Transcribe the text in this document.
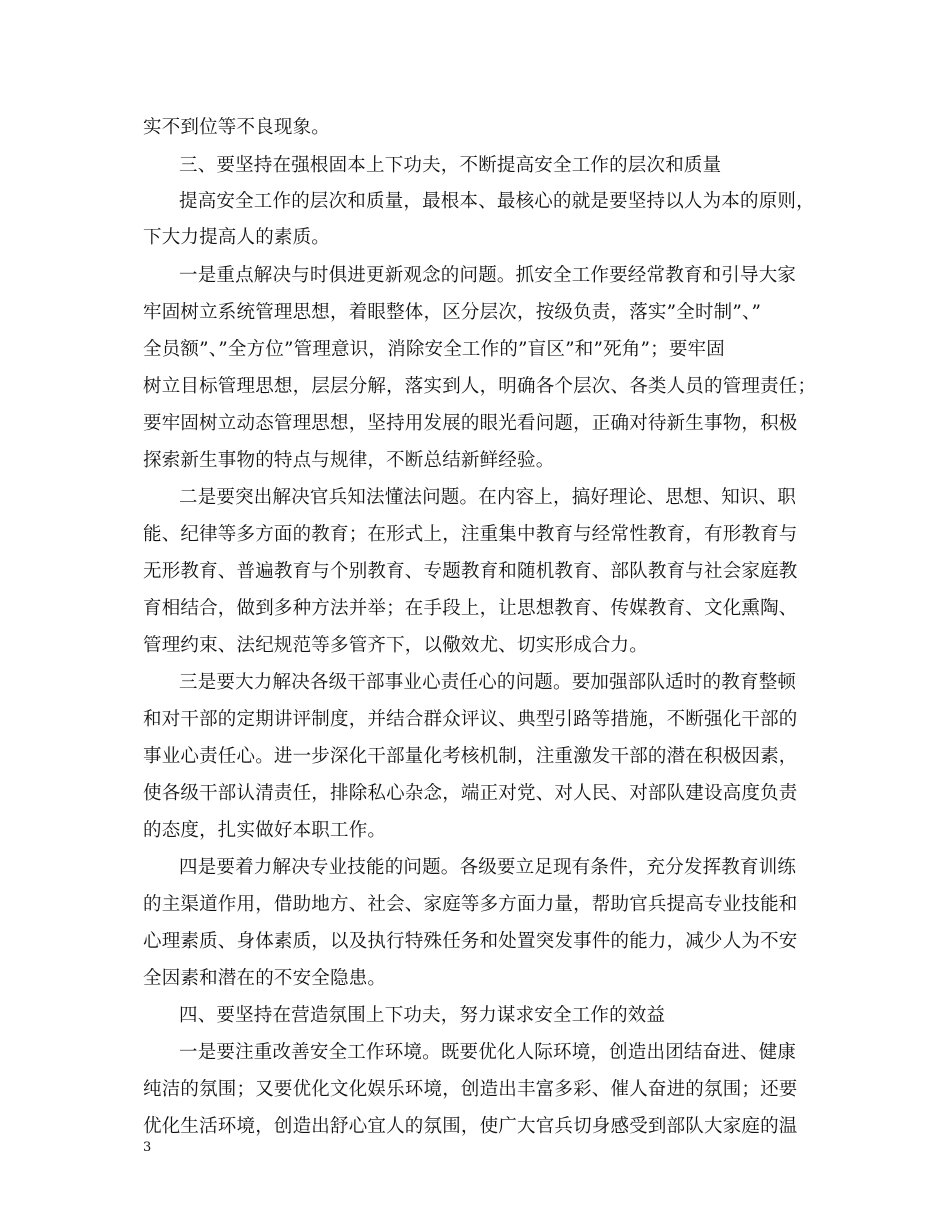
实不到位等不良现象。
三、要坚持在强根固本上下功夫，不断提高安全工作的层次和质量
提高安全工作的层次和质量，最根本、最核心的就是要坚持以人为本的原则，
下大力提高人的素质。
一是重点解决与时俱进更新观念的问题。抓安全工作要经常教育和引导大家
牢固树立系统管理思想，着眼整体，区分层次，按级负责，落实”全时制”、”
全员额”、”全方位”管理意识，消除安全工作的”盲区”和”死角”；要牢固
树立目标管理思想，层层分解，落实到人，明确各个层次、各类人员的管理责任；
要牢固树立动态管理思想，坚持用发展的眼光看问题，正确对待新生事物，积极
探索新生事物的特点与规律，不断总结新鲜经验。
二是要突出解决官兵知法懂法问题。在内容上，搞好理论、思想、知识、职
能、纪律等多方面的教育；在形式上，注重集中教育与经常性教育，有形教育与
无形教育、普遍教育与个别教育、专题教育和随机教育、部队教育与社会家庭教
育相结合，做到多种方法并举；在手段上，让思想教育、传媒教育、文化熏陶、
管理约束、法纪规范等多管齐下，以儆效尤、切实形成合力。
三是要大力解决各级干部事业心责任心的问题。要加强部队适时的教育整顿
和对干部的定期讲评制度，并结合群众评议、典型引路等措施，不断强化干部的
事业心责任心。进一步深化干部量化考核机制，注重激发干部的潜在积极因素，
使各级干部认清责任，排除私心杂念，端正对党、对人民、对部队建设高度负责
的态度，扎实做好本职工作。
四是要着力解决专业技能的问题。各级要立足现有条件，充分发挥教育训练
的主渠道作用，借助地方、社会、家庭等多方面力量，帮助官兵提高专业技能和
心理素质、身体素质，以及执行特殊任务和处置突发事件的能力，减少人为不安
全因素和潜在的不安全隐患。
四、要坚持在营造氛围上下功夫，努力谋求安全工作的效益
一是要注重改善安全工作环境。既要优化人际环境，创造出团结奋进、健康
纯洁的氛围；又要优化文化娱乐环境，创造出丰富多彩、催人奋进的氛围；还要
优化生活环境，创造出舒心宜人的氛围，使广大官兵切身感受到部队大家庭的温
3
